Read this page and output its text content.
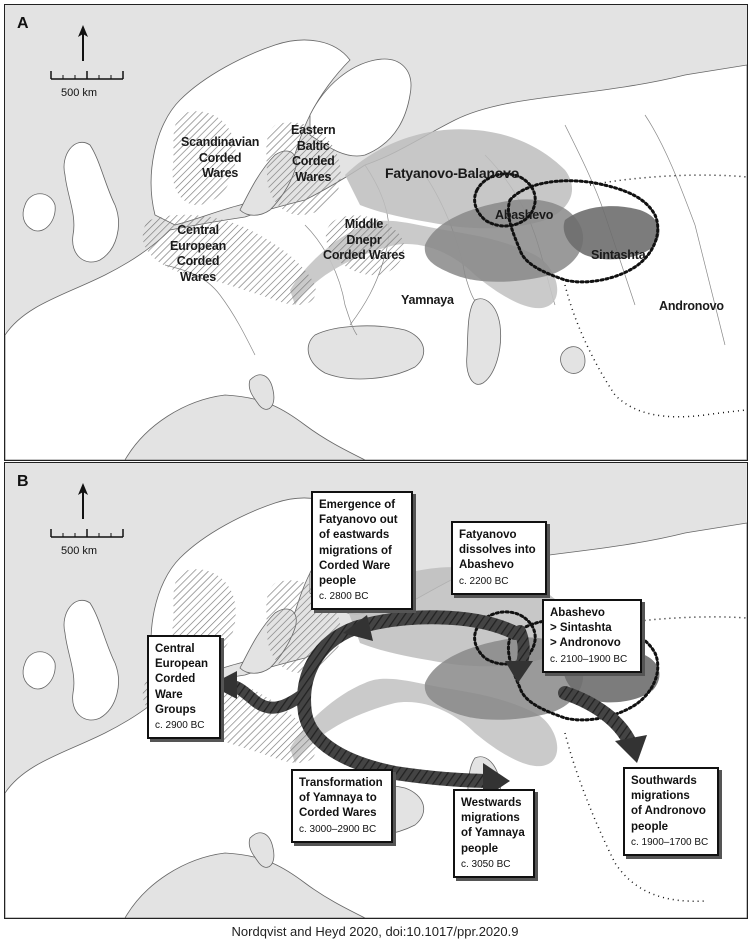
A
500 km
Scandinavian
Corded
Wares
Eastern
Baltic
Corded
Wares	Fatyanovo-Balanovo
Abashevo
Sintashta
Central
European
Corded
Wares
Middle
Dnepr
Corded Wares
Yamnaya	Andronovo
B
500 km
Emergence of
Fatyanovo out
of eastwards
migrations of
Corded Ware
people
c. 2800 BC
Fatyanovo
dissolves into
Abashevo
c. 2200 BC
Abashevo
> Sintashta
> Andronovo
c. 2100–1900 BC
Central
European
Corded
Ware
Groups
c. 2900 BC
Transformation
of Yamnaya to
Corded Wares
c. 3000–2900 BC
Westwards
migrations
of Yamnaya
people
c. 3050 BC
Southwards
migrations
of Andronovo
people
c. 1900–1700 BC
Nordqvist and Heyd 2020, doi:10.1017/ppr.2020.9
